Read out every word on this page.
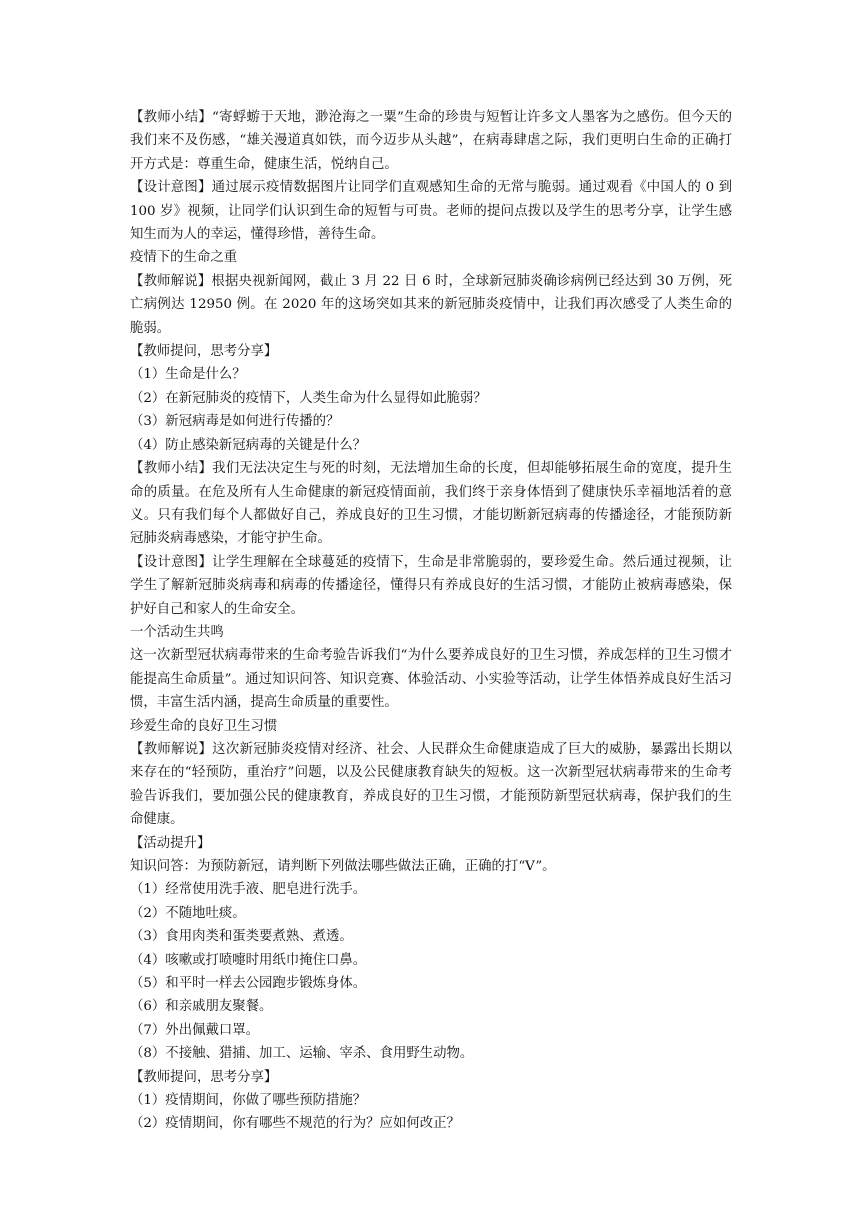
【教师小结】“寄蜉蝣于天地，渺沧海之一粟”生命的珍贵与短暂让许多文人墨客为之感伤。但今天的我们来不及伤感，“雄关漫道真如铁，而今迈步从头越”，在病毒肆虐之际，我们更明白生命的正确打开方式是：尊重生命，健康生活，悦纳自己。

【设计意图】通过展示疫情数据图片让同学们直观感知生命的无常与脆弱。通过观看《中国人的 0 到 100 岁》视频，让同学们认识到生命的短暂与可贵。老师的提问点拨以及学生的思考分享，让学生感知生而为人的幸运，懂得珍惜，善待生命。

疫情下的生命之重

【教师解说】根据央视新闻网，截止 3 月 22 日 6 时，全球新冠肺炎确诊病例已经达到 30 万例，死亡病例达 12950 例。在 2020 年的这场突如其来的新冠肺炎疫情中，让我们再次感受了人类生命的脆弱。

【教师提问，思考分享】

（1）生命是什么？

（2）在新冠肺炎的疫情下，人类生命为什么显得如此脆弱？

（3）新冠病毒是如何进行传播的？

（4）防止感染新冠病毒的关键是什么？

【教师小结】我们无法决定生与死的时刻，无法增加生命的长度，但却能够拓展生命的宽度，提升生命的质量。在危及所有人生命健康的新冠疫情面前，我们终于亲身体悟到了健康快乐幸福地活着的意义。只有我们每个人都做好自己，养成良好的卫生习惯，才能切断新冠病毒的传播途径，才能预防新冠肺炎病毒感染，才能守护生命。

【设计意图】让学生理解在全球蔓延的疫情下，生命是非常脆弱的，要珍爱生命。然后通过视频，让学生了解新冠肺炎病毒和病毒的传播途径，懂得只有养成良好的生活习惯，才能防止被病毒感染，保护好自己和家人的生命安全。

一个活动生共鸣

这一次新型冠状病毒带来的生命考验告诉我们“为什么要养成良好的卫生习惯，养成怎样的卫生习惯才能提高生命质量”。通过知识问答、知识竞赛、体验活动、小实验等活动，让学生体悟养成良好生活习惯，丰富生活内涵，提高生命质量的重要性。

珍爱生命的良好卫生习惯

【教师解说】这次新冠肺炎疫情对经济、社会、人民群众生命健康造成了巨大的威胁，暴露出长期以来存在的“轻预防，重治疗”问题，以及公民健康教育缺失的短板。这一次新型冠状病毒带来的生命考验告诉我们，要加强公民的健康教育，养成良好的卫生习惯，才能预防新型冠状病毒，保护我们的生命健康。

【活动提升】

知识问答：为预防新冠，请判断下列做法哪些做法正确，正确的打“V”。

（1）经常使用洗手液、肥皂进行洗手。

（2）不随地吐痰。

（3）食用肉类和蛋类要煮熟、煮透。

（4）咳嗽或打喷嚏时用纸巾掩住口鼻。

（5）和平时一样去公园跑步锻炼身体。

（6）和亲戚朋友聚餐。

（7）外出佩戴口罩。

（8）不接触、猎捕、加工、运输、宰杀、食用野生动物。

【教师提问，思考分享】

（1）疫情期间，你做了哪些预防措施？

（2）疫情期间，你有哪些不规范的行为？应如何改正？
